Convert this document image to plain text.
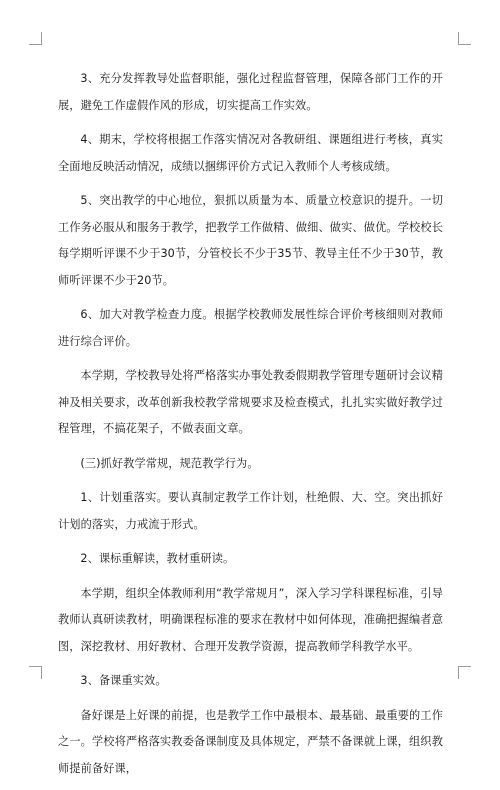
3、充分发挥教导处监督职能，强化过程监督管理，保障各部门工作的开展，避免工作虚假作风的形成，切实提高工作实效。

4、期末，学校将根据工作落实情况对各教研组、课题组进行考核，真实全面地反映活动情况，成绩以捆绑评价方式记入教师个人考核成绩。

5、突出教学的中心地位，狠抓以质量为本、质量立校意识的提升。一切工作务必服从和服务于教学，把教学工作做精、做细、做实、做优。学校校长每学期听评课不少于30节，分管校长不少于35节、教导主任不少于30节，教师听评课不少于20节。

6、加大对教学检查力度。根据学校教师发展性综合评价考核细则对教师进行综合评价。

本学期，学校教导处将严格落实办事处教委假期教学管理专题研讨会议精神及相关要求，改革创新我校教学常规要求及检查模式，扎扎实实做好教学过程管理，不搞花架子，不做表面文章。

(三)抓好教学常规，规范教学行为。

1、计划重落实。要认真制定教学工作计划，杜绝假、大、空。突出抓好计划的落实，力戒流于形式。

2、课标重解读，教材重研读。

本学期，组织全体教师利用“教学常规月”，深入学习学科课程标准，引导教师认真研读教材，明确课程标准的要求在教材中如何体现，准确把握编者意图，深挖教材、用好教材、合理开发教学资源，提高教师学科教学水平。

3、备课重实效。

备好课是上好课的前提，也是教学工作中最根本、最基础、最重要的工作之一。学校将严格落实教委备课制度及具体规定，严禁不备课就上课，组织教师提前备好课，
